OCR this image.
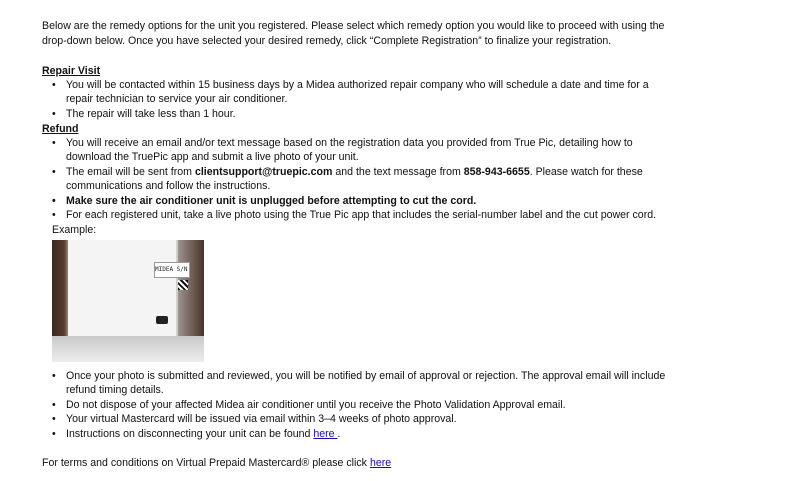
Below are the remedy options for the unit you registered. Please select which remedy option you would like to proceed with using the drop-down below. Once you have selected your desired remedy, click “Complete Registration” to finalize your registration.

Repair Visit

• You will be contacted within 15 business days by a Midea authorized repair company who will schedule a date and time for a repair technician to service your air conditioner.
• The repair will take less than 1 hour.

Refund

• You will receive an email and/or text message based on the registration data you provided from True Pic, detailing how to download the TruePic app and submit a live photo of your unit.
• The email will be sent from clientsupport@truepic.com and the text message from 858-943-6655. Please watch for these communications and follow the instructions.
• Make sure the air conditioner unit is unplugged before attempting to cut the cord.
• For each registered unit, take a live photo using the True Pic app that includes the serial-number label and the cut power cord.

Example:

MIDEA S/N
• Once your photo is submitted and reviewed, you will be notified by email of approval or rejection. The approval email will include refund timing details.
• Do not dispose of your affected Midea air conditioner until you receive the Photo Validation Approval email.
• Your virtual Mastercard will be issued via email within 3–4 weeks of photo approval.
• Instructions on disconnecting your unit can be found here .

For terms and conditions on Virtual Prepaid Mastercard® please click here
